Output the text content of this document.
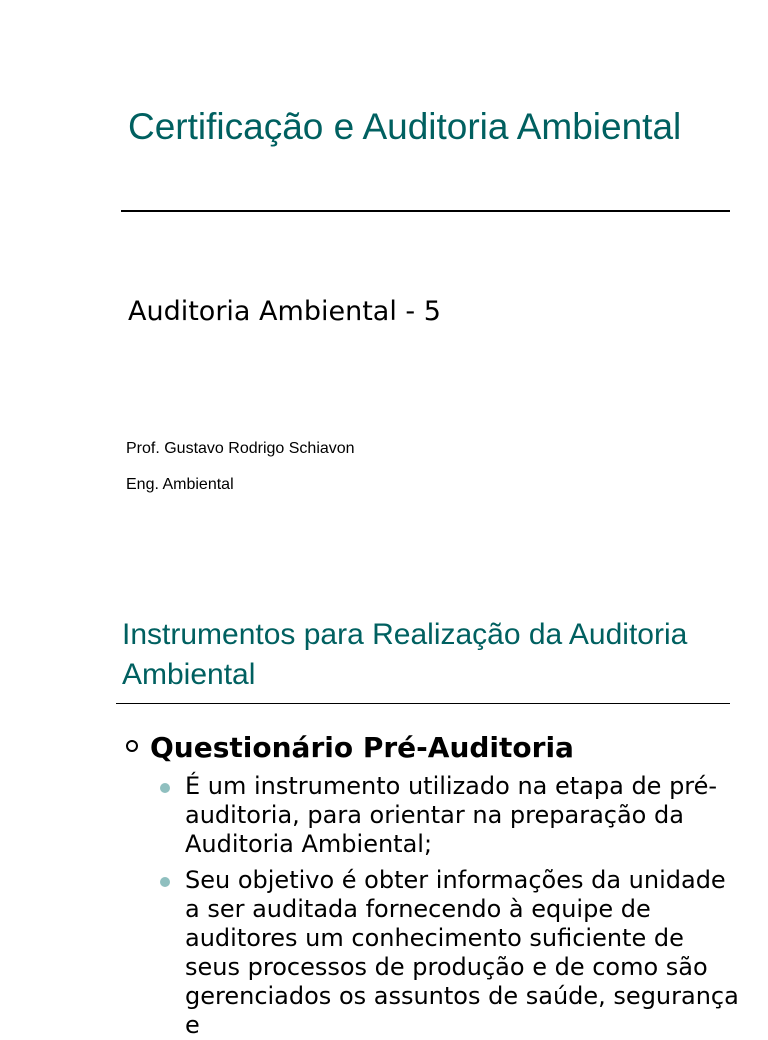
Certificação e Auditoria Ambiental
Auditoria Ambiental - 5
Prof. Gustavo Rodrigo Schiavon
Eng. Ambiental
Instrumentos para Realização da Auditoria Ambiental
Questionário Pré-Auditoria
É um instrumento utilizado na etapa de pré-auditoria, para orientar na preparação da Auditoria Ambiental;
Seu objetivo é obter informações da unidade a ser auditada fornecendo à equipe de auditores um conhecimento suficiente de seus processos de produção e de como são gerenciados os assuntos de saúde, segurança e
